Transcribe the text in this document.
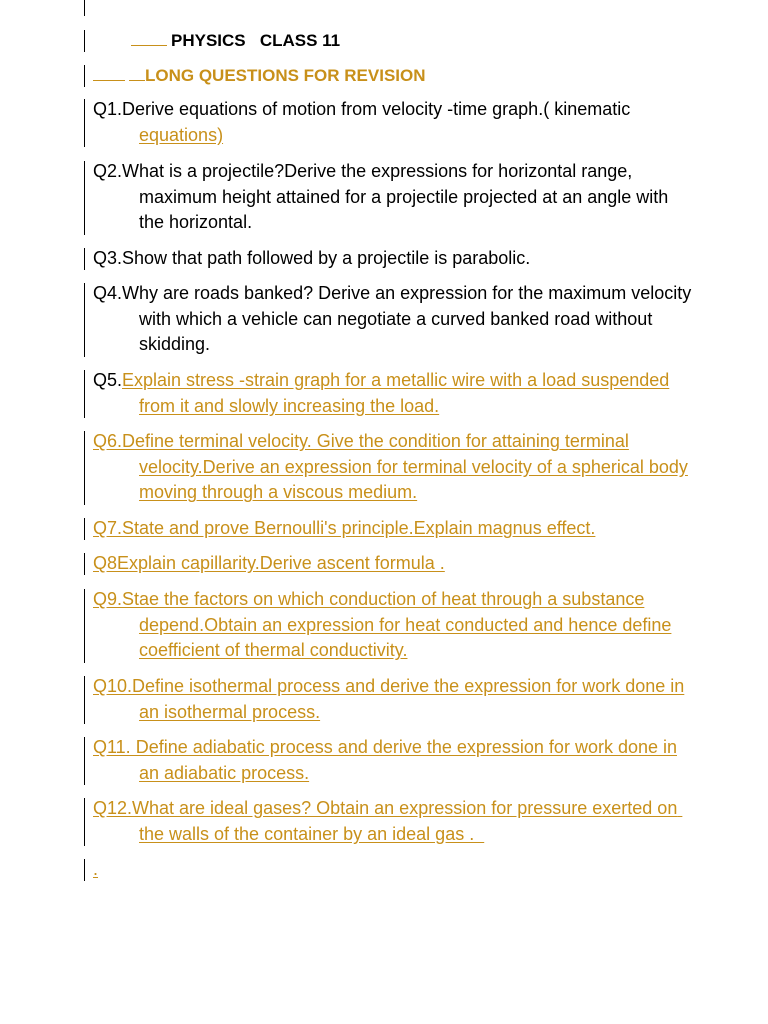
PHYSICS CLASS 11
LONG QUESTIONS FOR REVISION
Q1.Derive equations of motion from velocity -time graph.( kinematic equations)
Q2.What is a projectile?Derive the expressions for horizontal range, maximum height attained for a projectile projected at an angle with the horizontal.
Q3.Show that path followed by a projectile is parabolic.
Q4.Why are roads banked? Derive an expression for the maximum velocity with which a vehicle can negotiate a curved banked road without skidding.
Q5.Explain stress -strain graph for a metallic wire with a load suspended from it and slowly increasing the load.
Q6.Define terminal velocity. Give the condition for attaining terminal velocity.Derive an expression for terminal velocity of a spherical body moving through a viscous medium.
Q7.State and prove Bernoulli's principle.Explain magnus effect.
Q8Explain capillarity.Derive ascent formula .
Q9.Stae the factors on which conduction of heat through a substance depend.Obtain an expression for heat conducted and hence define coefficient of thermal conductivity.
Q10.Define isothermal process and derive the expression for work done in an isothermal process.
Q11. Define adiabatic process and derive the expression for work done in an adiabatic process.
Q12.What are ideal gases? Obtain an expression for pressure exerted on the walls of the container by an ideal gas .
.
